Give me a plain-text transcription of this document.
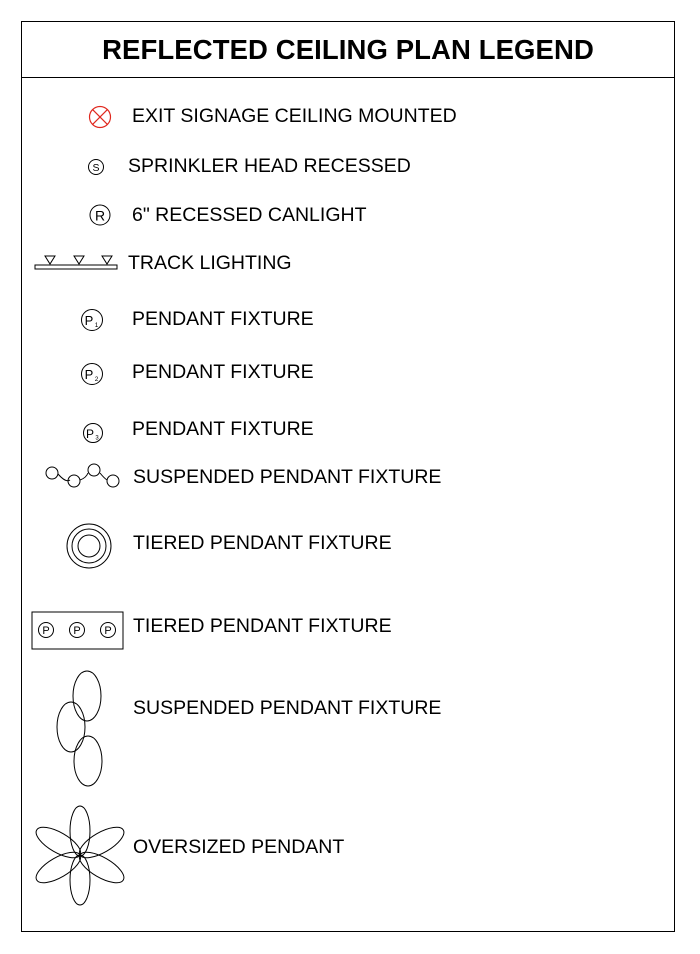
REFLECTED CEILING PLAN LEGEND
S
R
P 1
P 2
P 3
P P P
EXIT SIGNAGE CEILING MOUNTED
SPRINKLER HEAD RECESSED
6" RECESSED CANLIGHT
TRACK LIGHTING
PENDANT FIXTURE
PENDANT FIXTURE
PENDANT FIXTURE
SUSPENDED PENDANT FIXTURE
TIERED PENDANT FIXTURE
TIERED PENDANT FIXTURE
SUSPENDED PENDANT FIXTURE
OVERSIZED PENDANT
